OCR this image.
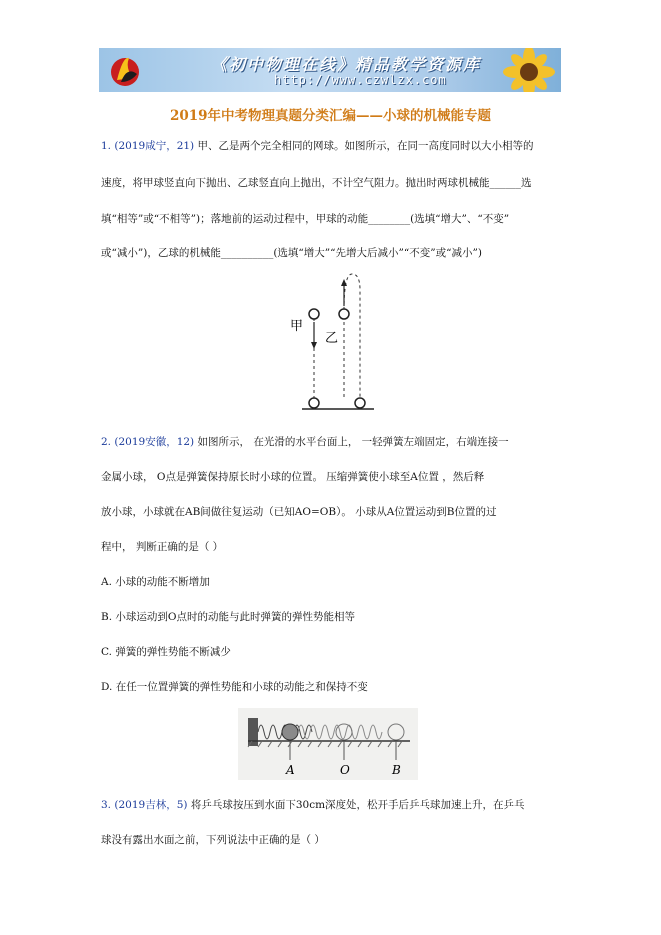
《初中物理在线》精品教学资源库
http://www.czwlzx.com
2019年中考物理真题分类汇编——小球的机械能专题
1. (2019咸宁，21) 甲、乙是两个完全相同的网球。如图所示，在同一高度同时以大小相等的
速度，将甲球竖直向下抛出、乙球竖直向上抛出，不计空气阻力。抛出时两球机械能______选
填“相等”或“不相等”)；落地前的运动过程中，甲球的动能________(选填“增大”、“不变”
或“减小”)，乙球的机械能__________(选填“增大”“先增大后减小”“不变”或“减小”)
甲
乙
2. (2019安徽，12) 如图所示， 在光滑的水平台面上， 一轻弹簧左端固定，右端连接一
金属小球， O点是弹簧保持原长时小球的位置。 压缩弹簧使小球至A位置 ，然后释
放小球，小球就在AB间做往复运动（已知AO=OB）。 小球从A位置运动到B位置的过
程中， 判断正确的是（ ）
A. 小球的动能不断增加
B. 小球运动到O点时的动能与此时弹簧的弹性势能相等
C. 弹簧的弹性势能不断减少
D. 在任一位置弹簧的弹性势能和小球的动能之和保持不变
A	O	B
3. (2019吉林，5) 将乒乓球按压到水面下30cm深度处，松开手后乒乓球加速上升，在乒乓
球没有露出水面之前，下列说法中正确的是（ ）
